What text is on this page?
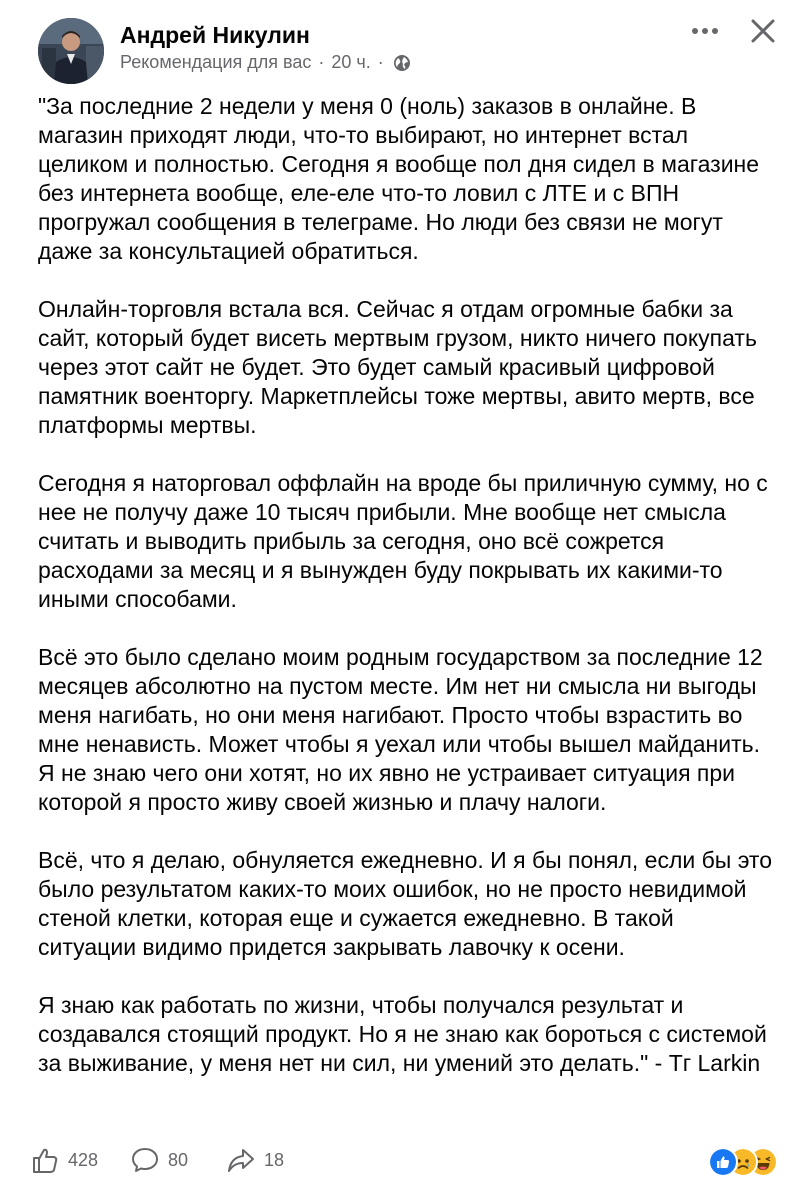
Андрей Никулин
Рекомендация для вас · 20 ч. ·

"За последние 2 недели у меня 0 (ноль) заказов в онлайне. В магазин приходят люди, что-то выбирают, но интернет встал целиком и полностью. Сегодня я вообще пол дня сидел в магазине без интернета вообще, еле-еле что-то ловил с ЛТЕ и с ВПН прогружал сообщения в телеграме. Но люди без связи не могут даже за консультацией обратиться.

Онлайн-торговля встала вся. Сейчас я отдам огромные бабки за сайт, который будет висеть мертвым грузом, никто ничего покупать через этот сайт не будет. Это будет самый красивый цифровой памятник военторгу. Маркетплейсы тоже мертвы, авито мертв, все платформы мертвы.

Сегодня я наторговал оффлайн на вроде бы приличную сумму, но с нее не получу даже 10 тысяч прибыли. Мне вообще нет смысла считать и выводить прибыль за сегодня, оно всё сожрется расходами за месяц и я вынужден буду покрывать их какими-то иными способами.

Всё это было сделано моим родным государством за последние 12 месяцев абсолютно на пустом месте. Им нет ни смысла ни выгоды меня нагибать, но они меня нагибают. Просто чтобы взрастить во мне ненависть. Может чтобы я уехал или чтобы вышел майданить. Я не знаю чего они хотят, но их явно не устраивает ситуация при которой я просто живу своей жизнью и плачу налоги.

Всё, что я делаю, обнуляется ежедневно. И я бы понял, если бы это было результатом каких-то моих ошибок, но не просто невидимой стеной клетки, которая еще и сужается ежедневно. В такой ситуации видимо придется закрывать лавочку к осени.

Я знаю как работать по жизни, чтобы получался результат и создавался стоящий продукт. Но я не знаю как бороться с системой за выживание, у меня нет ни сил, ни умений это делать." - Тг Larkin

428	80	18
